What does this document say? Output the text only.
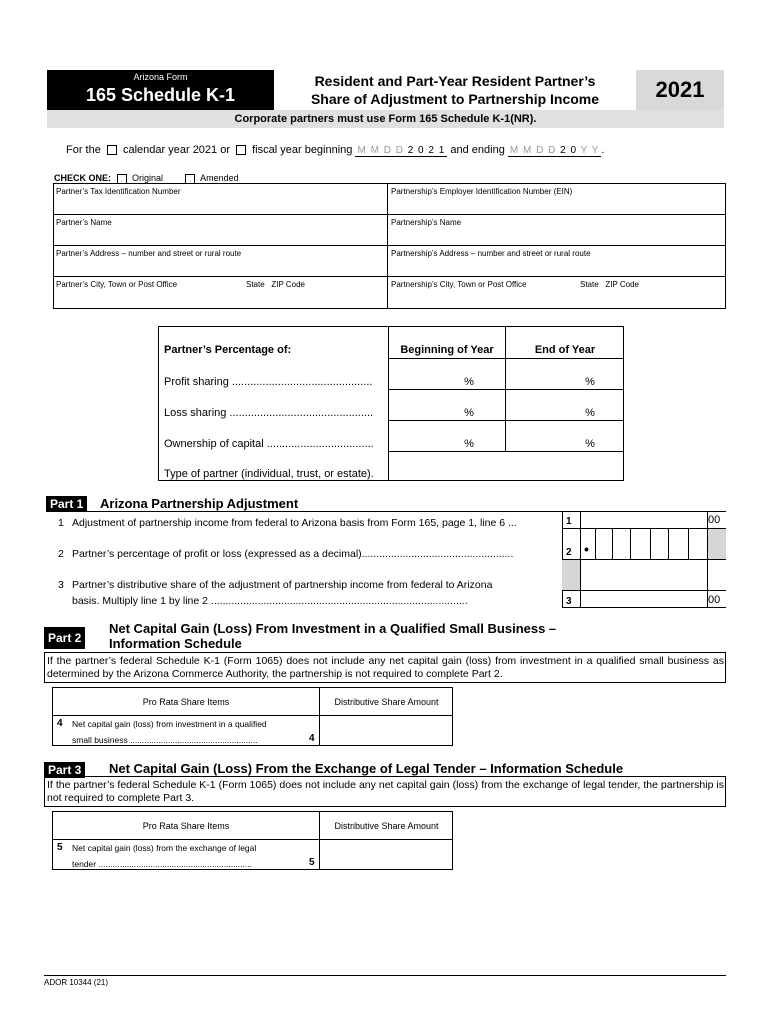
Arizona Form
165 Schedule K-1
Resident and Part-Year Resident Partner’s
Share of Adjustment to Partnership Income	2021
Corporate partners must use Form 165 Schedule K-1(NR).
For the calendar year 2021 or fiscal year beginning M M D D 2 0 2 1 and ending M M D D 2 0 Y Y .
CHECK ONE: Original	Amended
Partner’s Tax Identification Number	Partnership’s Employer Identification Number (EIN)
Partner’s Name	Partnership’s Name
Partner’s Address – number and street or rural route	Partnership’s Address – number and street or rural route
Partner’s City, Town or Post Office	State   ZIP Code	Partnership’s City, Town or Post Office	State   ZIP Code
Partner’s Percentage of:	Beginning of Year	End of Year
Profit sharing ..............................................	%	%
Loss sharing ...............................................	%	%
Ownership of capital ...................................	%	%
Type of partner (individual, trust, or estate).
Part 1	Arizona Partnership Adjustment
1 Adjustment of partnership income from federal to Arizona basis from Form 165, page 1, line 6 ...
2 Partner’s percentage of profit or loss (expressed as a decimal)....................................................
3 Partner’s distributive share of the adjustment of partnership income from federal to Arizona
basis. Multiply line 1 by line 2 ........................................................................................
1	00
2 •
3	00
Part 2
Net Capital Gain (Loss) From Investment in a Qualified Small Business –
Information Schedule
If the partner’s federal Schedule K-1 (Form 1065) does not include any net capital gain (loss) from investment in a qualified small business as determined by the Arizona Commerce Authority, the partnership is not required to complete Part 2.
Pro Rata Share Items	Distributive Share Amount
4 Net capital gain (loss) from investment in a qualified
small business ......................................................	4
Part 3	Net Capital Gain (Loss) From the Exchange of Legal Tender – Information Schedule
If the partner’s federal Schedule K-1 (Form 1065) does not include any net capital gain (loss) from the exchange of legal tender, the partnership is not required to complete Part 3.
Pro Rata Share Items	Distributive Share Amount
5 Net capital gain (loss) from the exchange of legal
tender .................................................................	5
ADOR 10344 (21)
